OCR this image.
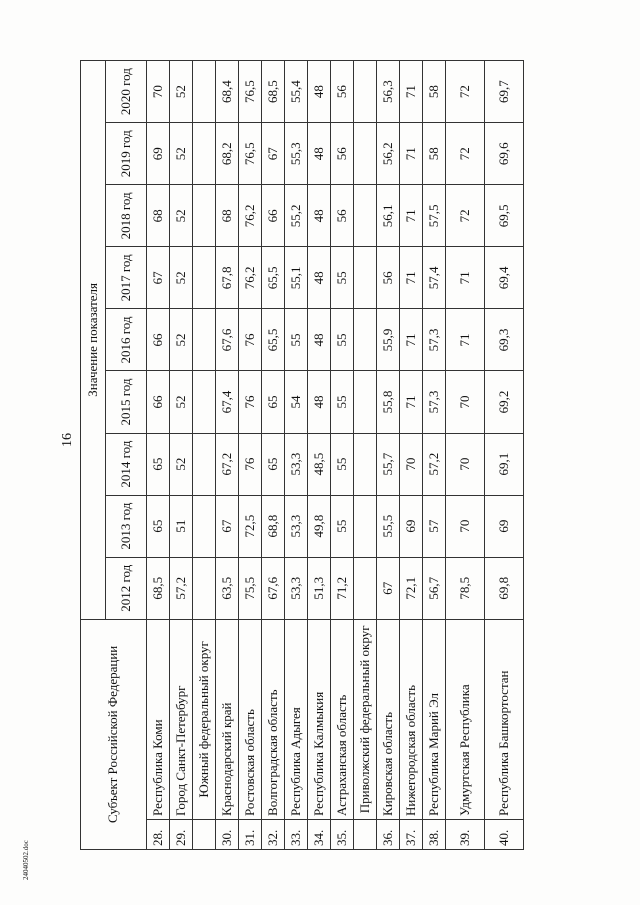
16
24040502.doc
Субъект Российской Федерации		Значение показателя								
		2012 год	2013 год	2014 год	2015 год	2016 год	2017 год	2018 год	2019 год	2020 год
28.	Республика Коми	68,5	65	65	66	66	67	68	69	70
29.	Город Санкт-Петербург	57,2	51	52	52	52	52	52	52	52
	Южный федеральный округ									
30.	Краснодарский край	63,5	67	67,2	67,4	67,6	67,8	68	68,2	68,4
31.	Ростовская область	75,5	72,5	76	76	76	76,2	76,2	76,5	76,5
32.	Волгоградская область	67,6	68,8	65	65	65,5	65,5	66	67	68,5
33.	Республика Адыгея	53,3	53,3	53,3	54	55	55,1	55,2	55,3	55,4
34.	Республика Калмыкия	51,3	49,8	48,5	48	48	48	48	48	48
35.	Астраханская область	71,2	55	55	55	55	55	56	56	56
	Приволжский федеральный округ									
36.	Кировская область	67	55,5	55,7	55,8	55,9	56	56,1	56,2	56,3
37.	Нижегородская область	72,1	69	70	71	71	71	71	71	71
38.	Республика Марий Эл	56,7	57	57,2	57,3	57,3	57,4	57,5	58	58
39.	Удмуртская Республика	78,5	70	70	70	71	71	72	72	72
40.	Республика Башкортостан	69,8	69	69,1	69,2	69,3	69,4	69,5	69,6	69,7
